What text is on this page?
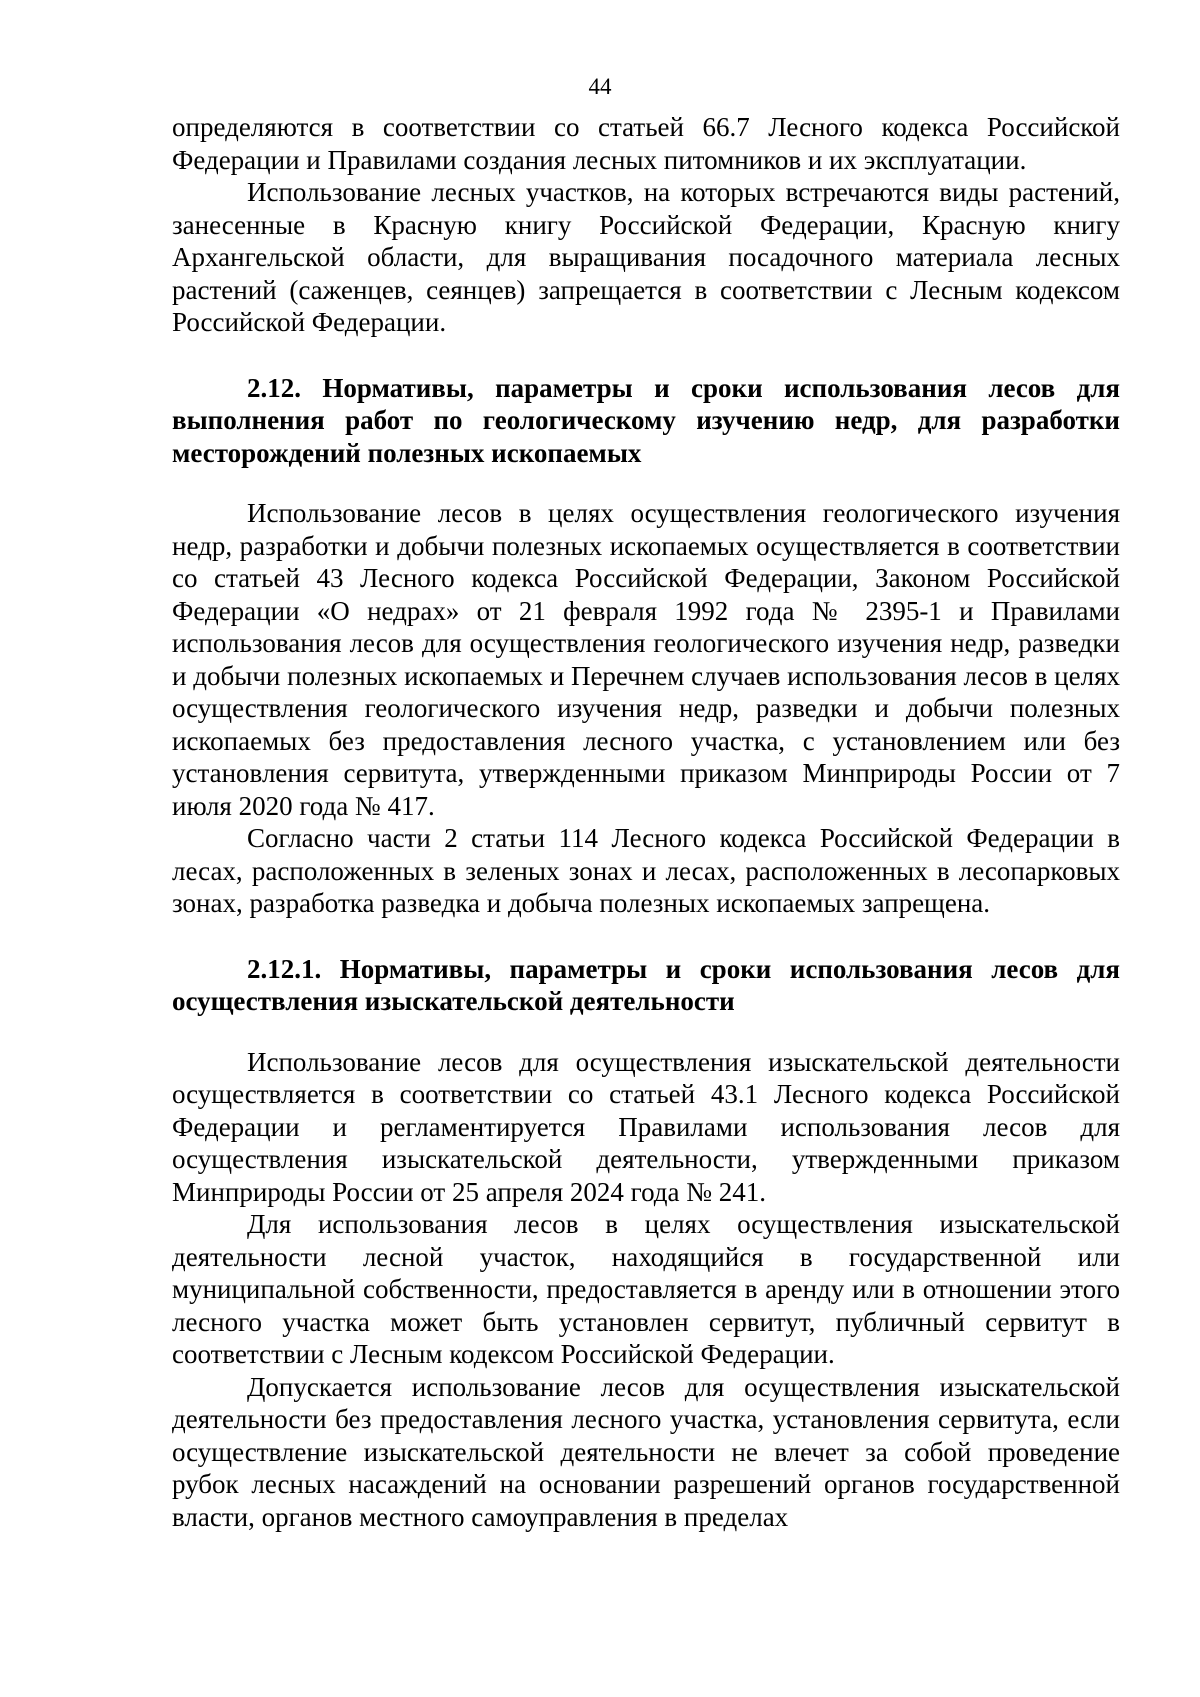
44

определяются в соответствии со статьей 66.7 Лесного кодекса Российской Федерации и Правилами создания лесных питомников и их эксплуатации.

Использование лесных участков, на которых встречаются виды растений, занесенные в Красную книгу Российской Федерации, Красную книгу Архангельской области, для выращивания посадочного материала лесных растений (саженцев, сеянцев) запрещается в соответствии с Лесным кодексом Российской Федерации.

2.12. Нормативы, параметры и сроки использования лесов для выполнения работ по геологическому изучению недр, для разработки месторождений полезных ископаемых

Использование лесов в целях осуществления геологического изучения недр, разработки и добычи полезных ископаемых осуществляется в соответствии со статьей 43 Лесного кодекса Российской Федерации, Законом Российской Федерации «О недрах» от 21 февраля 1992 года № 2395-1 и Правилами использования лесов для осуществления геологического изучения недр, разведки и добычи полезных ископаемых и Перечнем случаев использования лесов в целях осуществления геологического изучения недр, разведки и добычи полезных ископаемых без предоставления лесного участка, с установлением или без установления сервитута, утвержденными приказом Минприроды России от 7 июля 2020 года № 417.

Согласно части 2 статьи 114 Лесного кодекса Российской Федерации в лесах, расположенных в зеленых зонах и лесах, расположенных в лесопарковых зонах, разработка разведка и добыча полезных ископаемых запрещена.

2.12.1. Нормативы, параметры и сроки использования лесов для осуществления изыскательской деятельности

Использование лесов для осуществления изыскательской деятельности осуществляется в соответствии со статьей 43.1 Лесного кодекса Российской Федерации и регламентируется Правилами использования лесов для осуществления изыскательской деятельности, утвержденными приказом Минприроды России от 25 апреля 2024 года № 241.

Для использования лесов в целях осуществления изыскательской деятельности лесной участок, находящийся в государственной или муниципальной собственности, предоставляется в аренду или в отношении этого лесного участка может быть установлен сервитут, публичный сервитут в соответствии с Лесным кодексом Российской Федерации.

Допускается использование лесов для осуществления изыскательской деятельности без предоставления лесного участка, установления сервитута, если осуществление изыскательской деятельности не влечет за собой проведение рубок лесных насаждений на основании разрешений органов государственной власти, органов местного самоуправления в пределах
